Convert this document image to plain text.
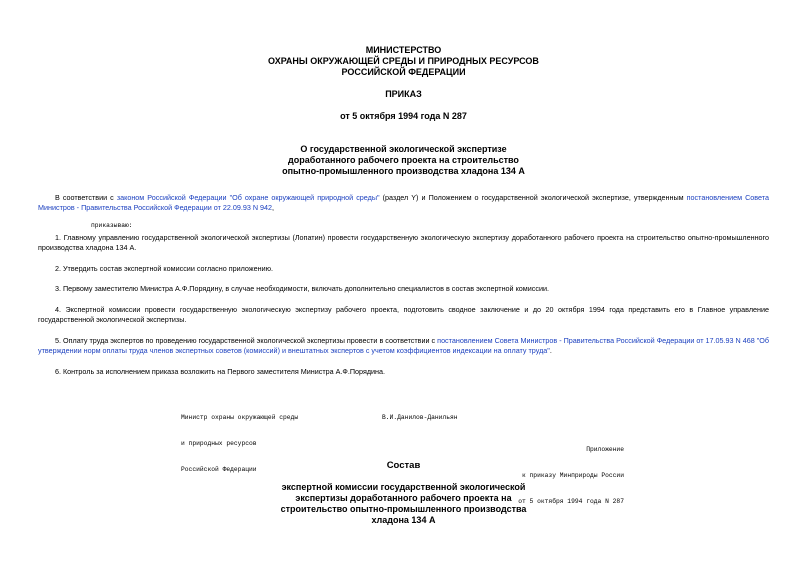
МИНИСТЕРСТВО
ОХРАНЫ ОКРУЖАЮЩЕЙ СРЕДЫ И ПРИРОДНЫХ РЕСУРСОВ
РОССИЙСКОЙ ФЕДЕРАЦИИ
ПРИКАЗ
от 5 октября 1994 года N 287
О государственной экологической экспертизе
доработанного рабочего проекта на строительство
опытно-промышленного производства хладона 134 А

В соответствии с законом Российской Федерации "Об охране окружающей природной среды" (раздел Y) и Положением о государственной экологической экспертизе, утвержденным постановлением Совета Министров - Правительства Российской Федерации от 22.09.93 N 942,

приказываю:

1. Главному управлению государственной экологической экспертизы (Лопатин) провести государственную экологическую экспертизу доработанного рабочего проекта на строительство опытно-промышленного производства хладона 134 А.

2. Утвердить состав экспертной комиссии согласно приложению.

3. Первому заместителю Министра А.Ф.Порядину, в случае необходимости, включать дополнительно специалистов в состав экспертной комиссии.

4. Экспертной комиссии провести государственную экологическую экспертизу рабочего проекта, подготовить сводное заключение и до 20 октября 1994 года представить его в Главное управление государственной экологической экспертизы.

5. Оплату труда экспертов по проведению государственной экологической экспертизы провести в соответствии с постановлением Совета Министров - Правительства Российской Федерации от 17.05.93 N 468 "Об утверждении норм оплаты труда членов экспертных советов (комиссий) и внештатных экспертов с учетом коэффициентов индексации на оплату труда".

6. Контроль за исполнением приказа возложить на Первого заместителя Министра А.Ф.Порядина.

Министр охраны окружающей среды

и природных ресурсов

Российской Федерации

В.И.Данилов-Данильян

Приложение

к приказу Минприроды России

от 5 октября 1994 года N 287

Состав
экспертной комиссии государственной экологической
экспертизы доработанного рабочего проекта на
строительство опытно-промышленного производства
хладона 134 А
